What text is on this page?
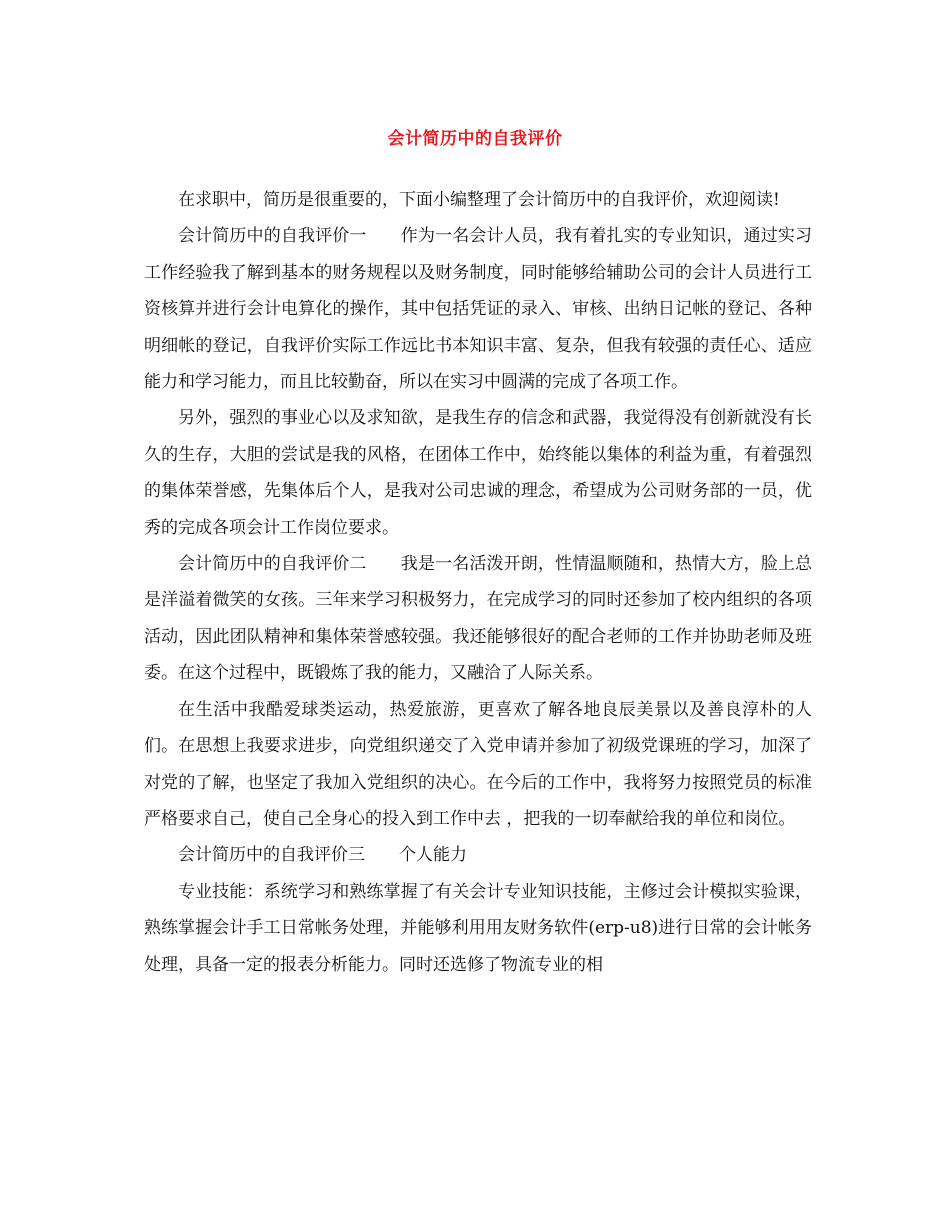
会计简历中的自我评价

在求职中，简历是很重要的，下面小编整理了会计简历中的自我评价，欢迎阅读!

会计简历中的自我评价一　　作为一名会计人员，我有着扎实的专业知识，通过实习工作经验我了解到基本的财务规程以及财务制度，同时能够给辅助公司的会计人员进行工资核算并进行会计电算化的操作，其中包括凭证的录入、审核、出纳日记帐的登记、各种明细帐的登记，自我评价实际工作远比书本知识丰富、复杂，但我有较强的责任心、适应能力和学习能力，而且比较勤奋，所以在实习中圆满的完成了各项工作。

另外，强烈的事业心以及求知欲，是我生存的信念和武器，我觉得没有创新就没有长久的生存，大胆的尝试是我的风格，在团体工作中，始终能以集体的利益为重，有着强烈的集体荣誉感，先集体后个人，是我对公司忠诚的理念，希望成为公司财务部的一员，优秀的完成各项会计工作岗位要求。

会计简历中的自我评价二　　我是一名活泼开朗，性情温顺随和，热情大方，脸上总是洋溢着微笑的女孩。三年来学习积极努力，在完成学习的同时还参加了校内组织的各项活动，因此团队精神和集体荣誉感较强。我还能够很好的配合老师的工作并协助老师及班委。在这个过程中，既锻炼了我的能力，又融洽了人际关系。

在生活中我酷爱球类运动，热爱旅游，更喜欢了解各地良辰美景以及善良淳朴的人们。在思想上我要求进步，向党组织递交了入党申请并参加了初级党课班的学习，加深了对党的了解，也坚定了我加入党组织的决心。在今后的工作中，我将努力按照党员的标准严格要求自己，使自己全身心的投入到工作中去 ，把我的一切奉献给我的单位和岗位。

会计简历中的自我评价三　　个人能力

专业技能：系统学习和熟练掌握了有关会计专业知识技能，主修过会计模拟实验课，熟练掌握会计手工日常帐务处理，并能够利用用友财务软件(erp-u8)进行日常的会计帐务处理，具备一定的报表分析能力。同时还选修了物流专业的相
